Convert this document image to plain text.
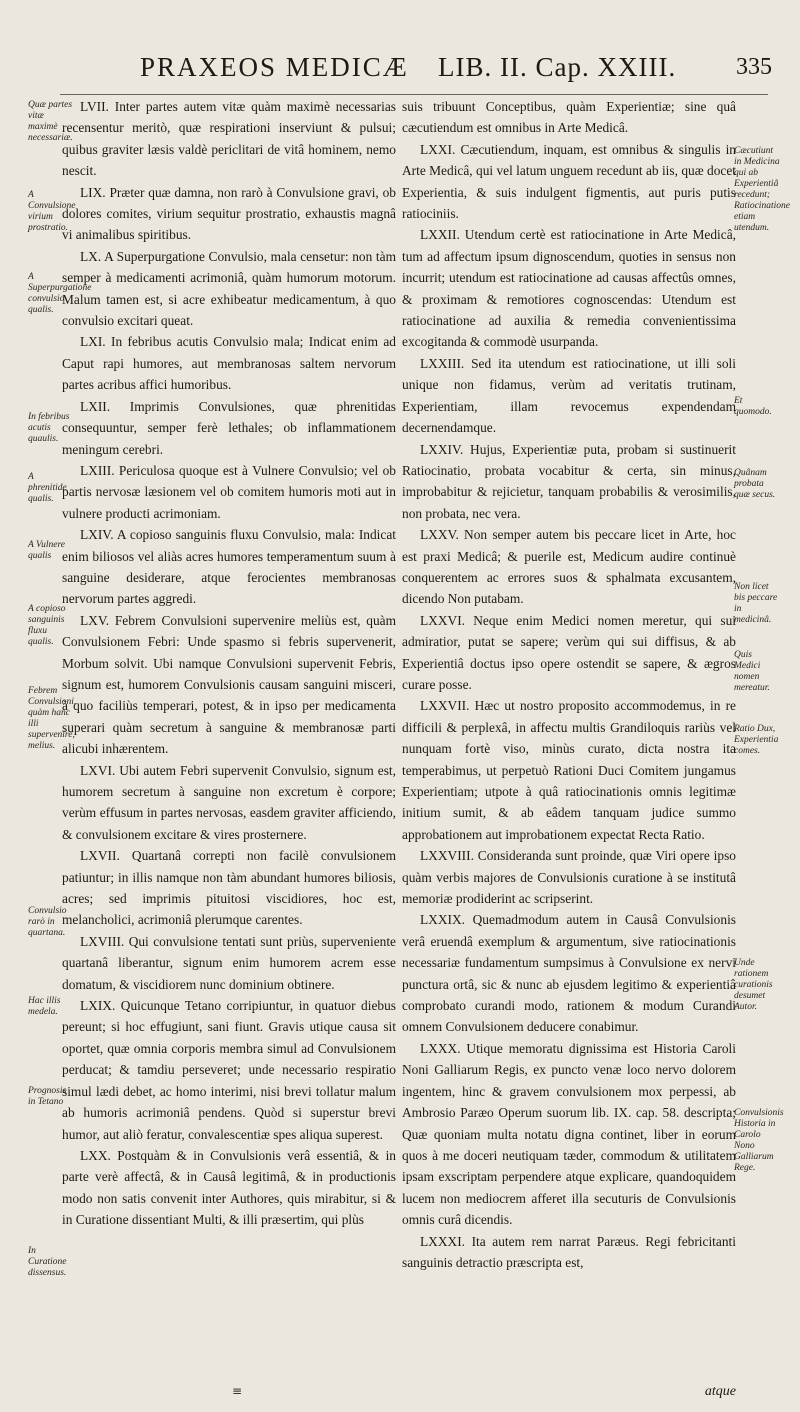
PRAXEOS MEDICÆ LIB. II. Cap. XXIII. 335
Quæ partes vitæ maximè necessariæ.
A Convulsione virium prostratio.
A Superpurgatione convulsio qualis.
In febribus acutis quaulis.
A phrenitide qualis.
A Vulnere qualis
A copioso sanguinis fluxu qualis.
Febrem Convulsioni, quàm hanc illi supervenire, melius.
Convulsio rarò in quartana.
Hac illis medela.
Prognosis in Tetano
In Curatione dissensus.
Cæcutiunt in Medicina qui ab Experientiâ recedunt; Ratiocinatione etiam utendum.
Et quomodo.
Quânam probata quæ secus.
Non licet bis peccare in medicinâ.
Quis Medici nomen mereatur.
Ratio Dux, Experientia comes.
Unde rationem curationis desumet Autor.
Convulsionis Historia in Carolo Nono Galliarum Rege.

LVII. Inter partes autem vitæ quàm maximè necessarias recensentur meritò, quæ respirationi inserviunt & pulsui; quibus graviter læsis valdè periclitari de vitâ hominem, nemo nescit.

LIX. Præter quæ damna, non rarò à Convulsione gravi, ob dolores comites, virium sequitur prostratio, exhaustis magnâ vi animalibus spiritibus.

LX. A Superpurgatione Convulsio, mala censetur: non tàm semper à medicamenti acrimoniâ, quàm humorum motorum. Malum tamen est, si acre exhibeatur medicamentum, à quo convulsio excitari queat.

LXI. In febribus acutis Convulsio mala; Indicat enim ad Caput rapi humores, aut membranosas saltem nervorum partes acribus affici humoribus.

LXII. Imprimis Convulsiones, quæ phrenitidas consequuntur, semper ferè lethales; ob inflammationem meningum cerebri.

LXIII. Periculosa quoque est à Vulnere Convulsio; vel ob partis nervosæ læsionem vel ob comitem humoris moti aut in vulnere producti acrimoniam.

LXIV. A copioso sanguinis fluxu Convulsio, mala: Indicat enim biliosos vel aliàs acres humores temperamentum suum à sanguine desiderare, atque ferocientes membranosas nervorum partes aggredi.

LXV. Febrem Convulsioni supervenire meliùs est, quàm Convulsionem Febri: Unde spasmo si febris supervenerit, Morbum solvit. Ubi namque Convulsioni supervenit Febris, signum est, humorem Convulsionis causam sanguini misceri, à quo faciliùs temperari, potest, & in ipso per medicamenta superari quàm secretum à sanguine & membranosæ parti alicubi inhærentem.

LXVI. Ubi autem Febri supervenit Convulsio, signum est, humorem secretum à sanguine non excretum è corpore; verùm effusum in partes nervosas, easdem graviter afficiendo, & convulsionem excitare & vires prosternere.

LXVII. Quartanâ correpti non facilè convulsionem patiuntur; in illis namque non tàm abundant humores biliosis, acres; sed imprimis pituitosi viscidiores, hoc est, melancholici, acrimoniâ plerumque carentes.

LXVIII. Qui convulsione tentati sunt priùs, superveniente quartanâ liberantur, signum enim humorem acrem esse domatum, & viscidiorem nunc dominium obtinere.

LXIX. Quicunque Tetano corripiuntur, in quatuor diebus pereunt; si hoc effugiunt, sani fiunt. Gravis utique causa sit oportet, quæ omnia corporis membra simul ad Convulsionem perducat; & tamdiu perseveret; unde necessario respiratio simul lædi debet, ac homo interimi, nisi brevi tollatur malum ab humoris acrimoniâ pendens. Quòd si superstur brevi humor, aut aliò feratur, convalescentiæ spes aliqua superest.

LXX. Postquàm & in Convulsionis verâ essentiâ, & in parte verè affectâ, & in Causâ legitimâ, & in productionis modo non satis convenit inter Authores, quis mirabitur, si & in Curatione dissentiant Multi, & illi præsertim, qui plùs

suis tribuunt Conceptibus, quàm Experientiæ; sine quâ cæcutiendum est omnibus in Arte Medicâ.

LXXI. Cæcutiendum, inquam, est omnibus & singulis in Arte Medicâ, qui vel latum unguem recedunt ab iis, quæ docet Experientia, & suis indulgent figmentis, aut puris putis ratiociniis.

LXXII. Utendum certè est ratiocinatione in Arte Medicâ, tum ad affectum ipsum dignoscendum, quoties in sensus non incurrit; utendum est ratiocinatione ad causas affectûs omnes, & proximam & remotiores cognoscendas: Utendum est ratiocinatione ad auxilia & remedia convenientissima excogitanda & commodè usurpanda.

LXXIII. Sed ita utendum est ratiocinatione, ut illi soli unique non fidamus, verùm ad veritatis trutinam, Experientiam, illam revocemus expendendam decernendamque.

LXXIV. Hujus, Experientiæ puta, probam si sustinuerit Ratiocinatio, probata vocabitur & certa, sin minus, improbabitur & rejicietur, tanquam probabilis & verosimilis, non probata, nec vera.

LXXV. Non semper autem bis peccare licet in Arte, hoc est praxi Medicâ; & puerile est, Medicum audire continuè conquerentem ac errores suos & sphalmata excusantem, dicendo Non putabam.

LXXVI. Neque enim Medici nomen meretur, qui sui admiratior, putat se sapere; verùm qui sui diffisus, & ab Experientiâ doctus ipso opere ostendit se sapere, & ægros curare posse.

LXXVII. Hæc ut nostro proposito accommodemus, in re difficili & perplexâ, in affectu multis Grandiloquis rariùs vel nunquam fortè viso, minùs curato, dicta nostra ita temperabimus, ut perpetuò Rationi Duci Comitem jungamus Experientiam; utpote à quâ ratiocinationis omnis legitimæ initium sumit, & ab eâdem tanquam judice summo approbationem aut improbationem expectat Recta Ratio.

LXXVIII. Consideranda sunt proinde, quæ Viri opere ipso quàm verbis majores de Convulsionis curatione à se institutâ memoriæ prodiderint ac scripserint.

LXXIX. Quemadmodum autem in Causâ Convulsionis verâ eruendâ exemplum & argumentum, sive ratiocinationis necessariæ fundamentum sumpsimus à Convulsione ex nervi punctura ortâ, sic & nunc ab ejusdem legitimo & experientiâ comprobato curandi modo, rationem & modum Curandi omnem Convulsionem deducere conabimur.

LXXX. Utique memoratu dignissima est Historia Caroli Noni Galliarum Regis, ex puncto venæ loco nervo dolorem ingentem, hinc & gravem convulsionem mox perpessi, ab Ambrosio Paræo Operum suorum lib. IX. cap. 58. descripta; Quæ quoniam multa notatu digna continet, liber in eorum quos à me doceri neutiquam tæder, commodum & utilitatem ipsam exscriptam perpendere atque explicare, quandoquidem lucem non mediocrem afferet illa secuturis de Convulsionis omnis curâ dicendis.

LXXXI. Ita autem rem narrat Paræus. Regi febricitanti sanguinis detractio præscripta est,

≡	atque
